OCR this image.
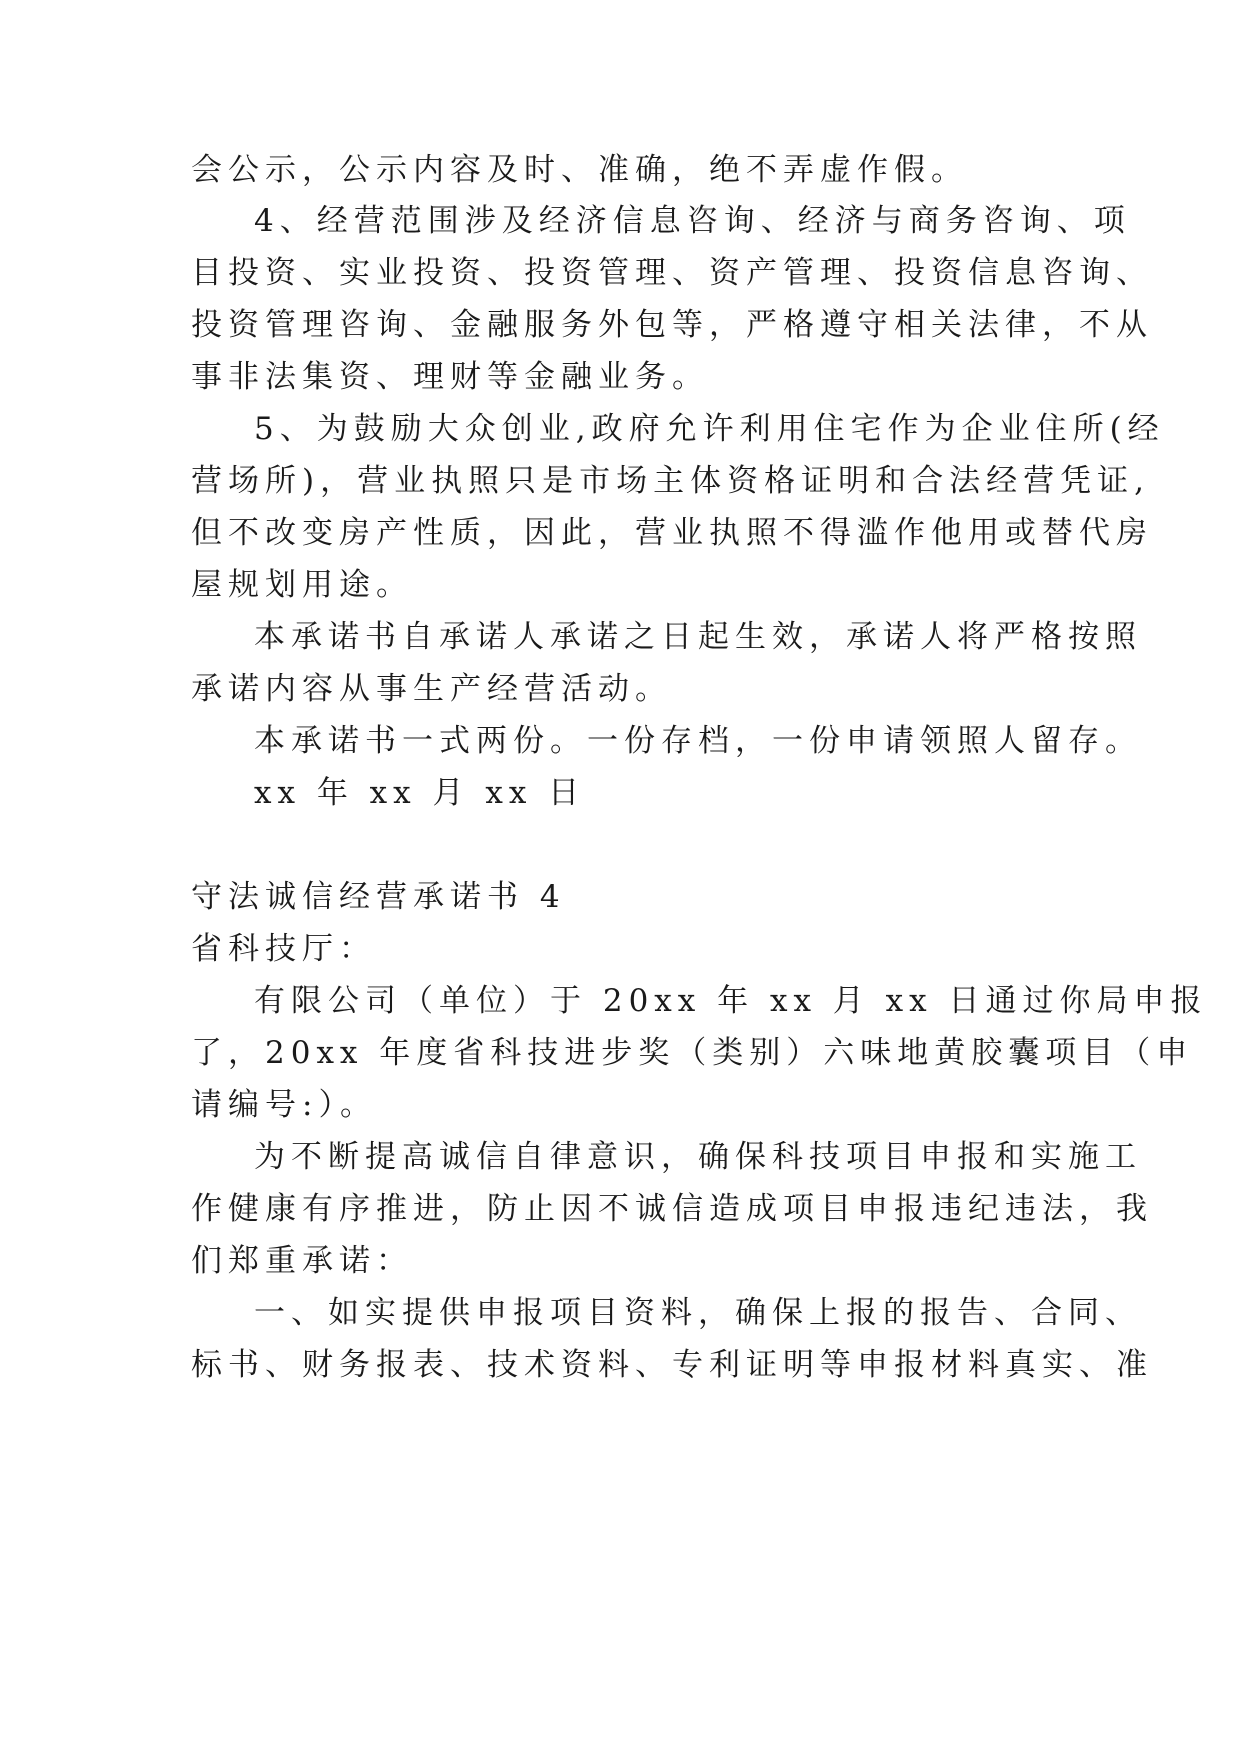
会公示，公示内容及时、准确，绝不弄虚作假。
4、经营范围涉及经济信息咨询、经济与商务咨询、项
目投资、实业投资、投资管理、资产管理、投资信息咨询、
投资管理咨询、金融服务外包等，严格遵守相关法律，不从
事非法集资、理财等金融业务。
5、为鼓励大众创业,政府允许利用住宅作为企业住所(经
营场所)，营业执照只是市场主体资格证明和合法经营凭证,
但不改变房产性质，因此，营业执照不得滥作他用或替代房
屋规划用途。
本承诺书自承诺人承诺之日起生效，承诺人将严格按照
承诺内容从事生产经营活动。
本承诺书一式两份。一份存档，一份申请领照人留存。
xx 年 xx 月 xx 日
守法诚信经营承诺书 4
省科技厅：
有限公司（单位）于 20xx 年 xx 月 xx 日通过你局申报
了，20xx 年度省科技进步奖（类别）六味地黄胶囊项目（申
请编号:）。
为不断提高诚信自律意识，确保科技项目申报和实施工
作健康有序推进，防止因不诚信造成项目申报违纪违法，我
们郑重承诺：
一、如实提供申报项目资料，确保上报的报告、合同、
标书、财务报表、技术资料、专利证明等申报材料真实、准
